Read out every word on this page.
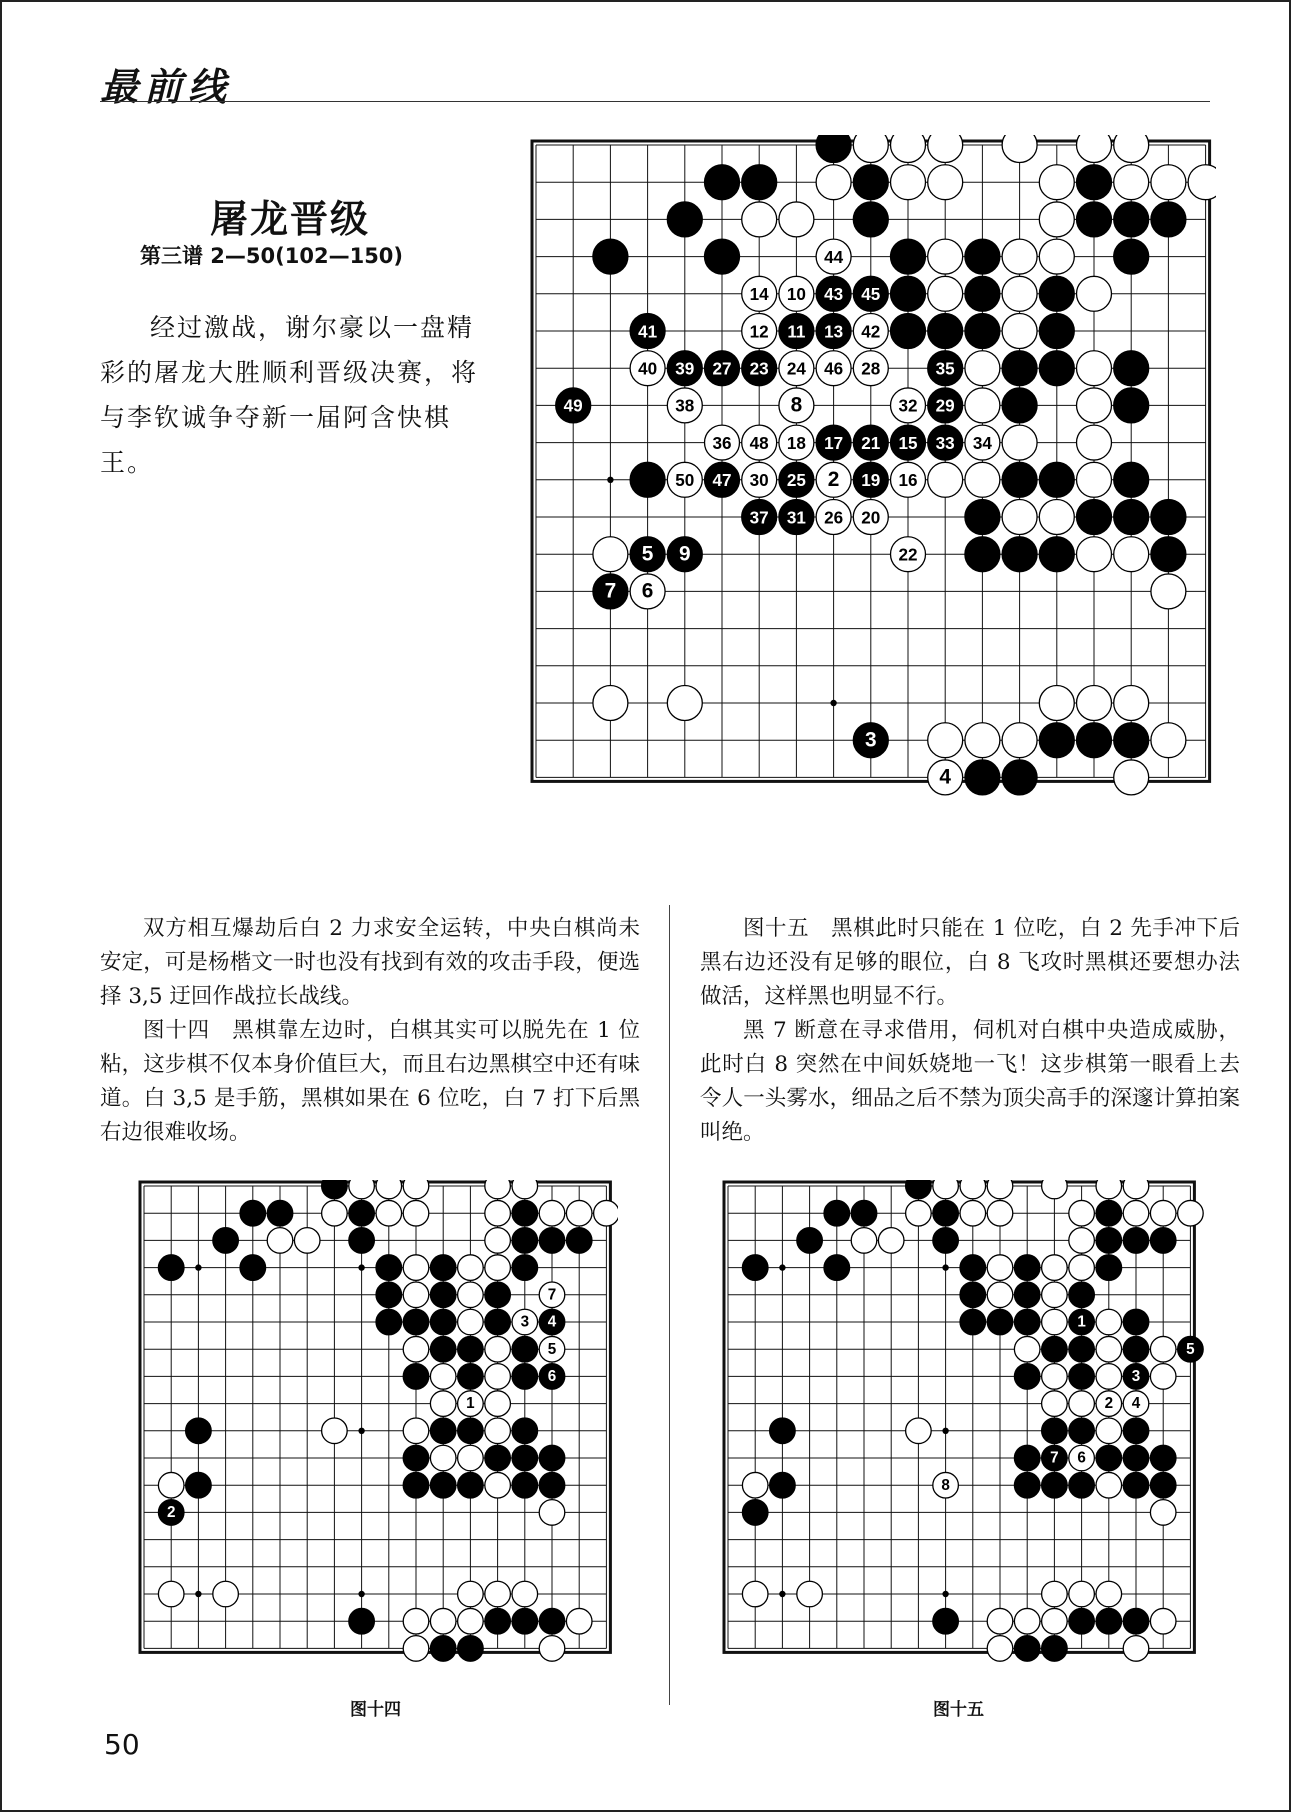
最前线
屠龙晋级
第三谱 2—50(102—150)

经过激战，谢尔豪以一盘精彩的屠龙大胜顺利晋级决赛，将与李钦诚争夺新一届阿含快棋王。

44
14 10 43 45
41	12 11 13 42
40 39 27 23 24 46 28	35
49	38	8	32 29
36 48 18 17 21 15 33 34
50 47 30 25 2 19 16
37 31 26 20
5 9	22
7 6
3
4

双方相互爆劫后白 2 力求安全运转，中央白棋尚未安定，可是杨楷文一时也没有找到有效的攻击手段，便选择 3,5 迂回作战拉长战线。

图十四　黑棋靠左边时，白棋其实可以脱先在 1 位粘，这步棋不仅本身价值巨大，而且右边黑棋空中还有味道。白 3,5 是手筋，黑棋如果在 6 位吃，白 7 打下后黑右边很难收场。

图十五　黑棋此时只能在 1 位吃，白 2 先手冲下后黑右边还没有足够的眼位，白 8 飞攻时黑棋还要想办法做活，这样黑也明显不行。

黑 7 断意在寻求借用，伺机对白棋中央造成威胁，此时白 8 突然在中间妖娆地一飞！这步棋第一眼看上去令人一头雾水，细品之后不禁为顶尖高手的深邃计算拍案叫绝。

7
3 4
5
6
1
2
图十四
1
5
3
2 4
7 6
8
图十五
50
